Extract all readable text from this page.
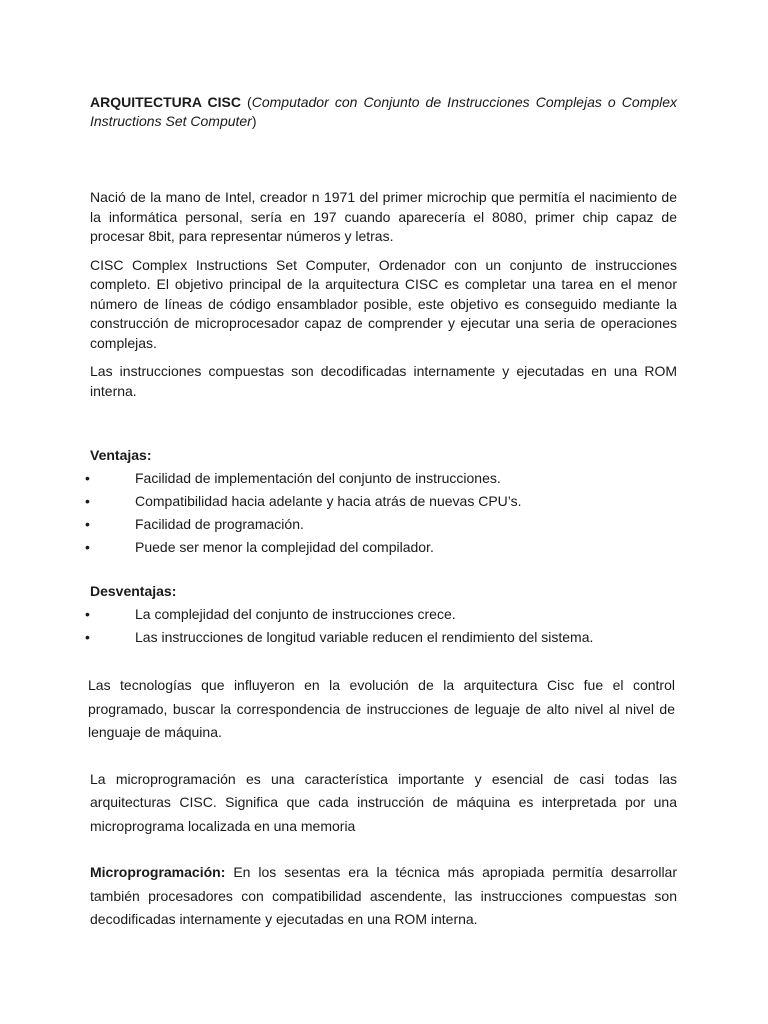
ARQUITECTURA CISC (Computador con Conjunto de Instrucciones Complejas o Complex Instructions Set Computer)

Nació de la mano de Intel, creador n 1971 del primer microchip que permitía el nacimiento de la informática personal, sería en 197 cuando aparecería el 8080, primer chip capaz de procesar 8bit, para representar números y letras.

CISC Complex Instructions Set Computer, Ordenador con un conjunto de instrucciones completo. El objetivo principal de la arquitectura CISC es completar una tarea en el menor número de líneas de código ensamblador posible, este objetivo es conseguido mediante la construcción de microprocesador capaz de comprender y ejecutar una seria de operaciones complejas.

Las instrucciones compuestas son decodificadas internamente y ejecutadas en una ROM interna.

Ventajas:

•	Facilidad de implementación del conjunto de instrucciones.
•	Compatibilidad hacia adelante y hacia atrás de nuevas CPU’s.
•	Facilidad de programación.
•	Puede ser menor la complejidad del compilador.

Desventajas:

•	La complejidad del conjunto de instrucciones crece.
•	Las instrucciones de longitud variable reducen el rendimiento del sistema.

Las tecnologías que influyeron en la evolución de la arquitectura Cisc fue el control programado, buscar la correspondencia de instrucciones de leguaje de alto nivel al nivel de lenguaje de máquina.

La microprogramación es una característica importante y esencial de casi todas las arquitecturas CISC. Significa que cada instrucción de máquina es interpretada por una microprograma localizada en una memoria

Microprogramación: En los sesentas era la técnica más apropiada permitía desarrollar también procesadores con compatibilidad ascendente, las instrucciones compuestas son decodificadas internamente y ejecutadas en una ROM interna.
